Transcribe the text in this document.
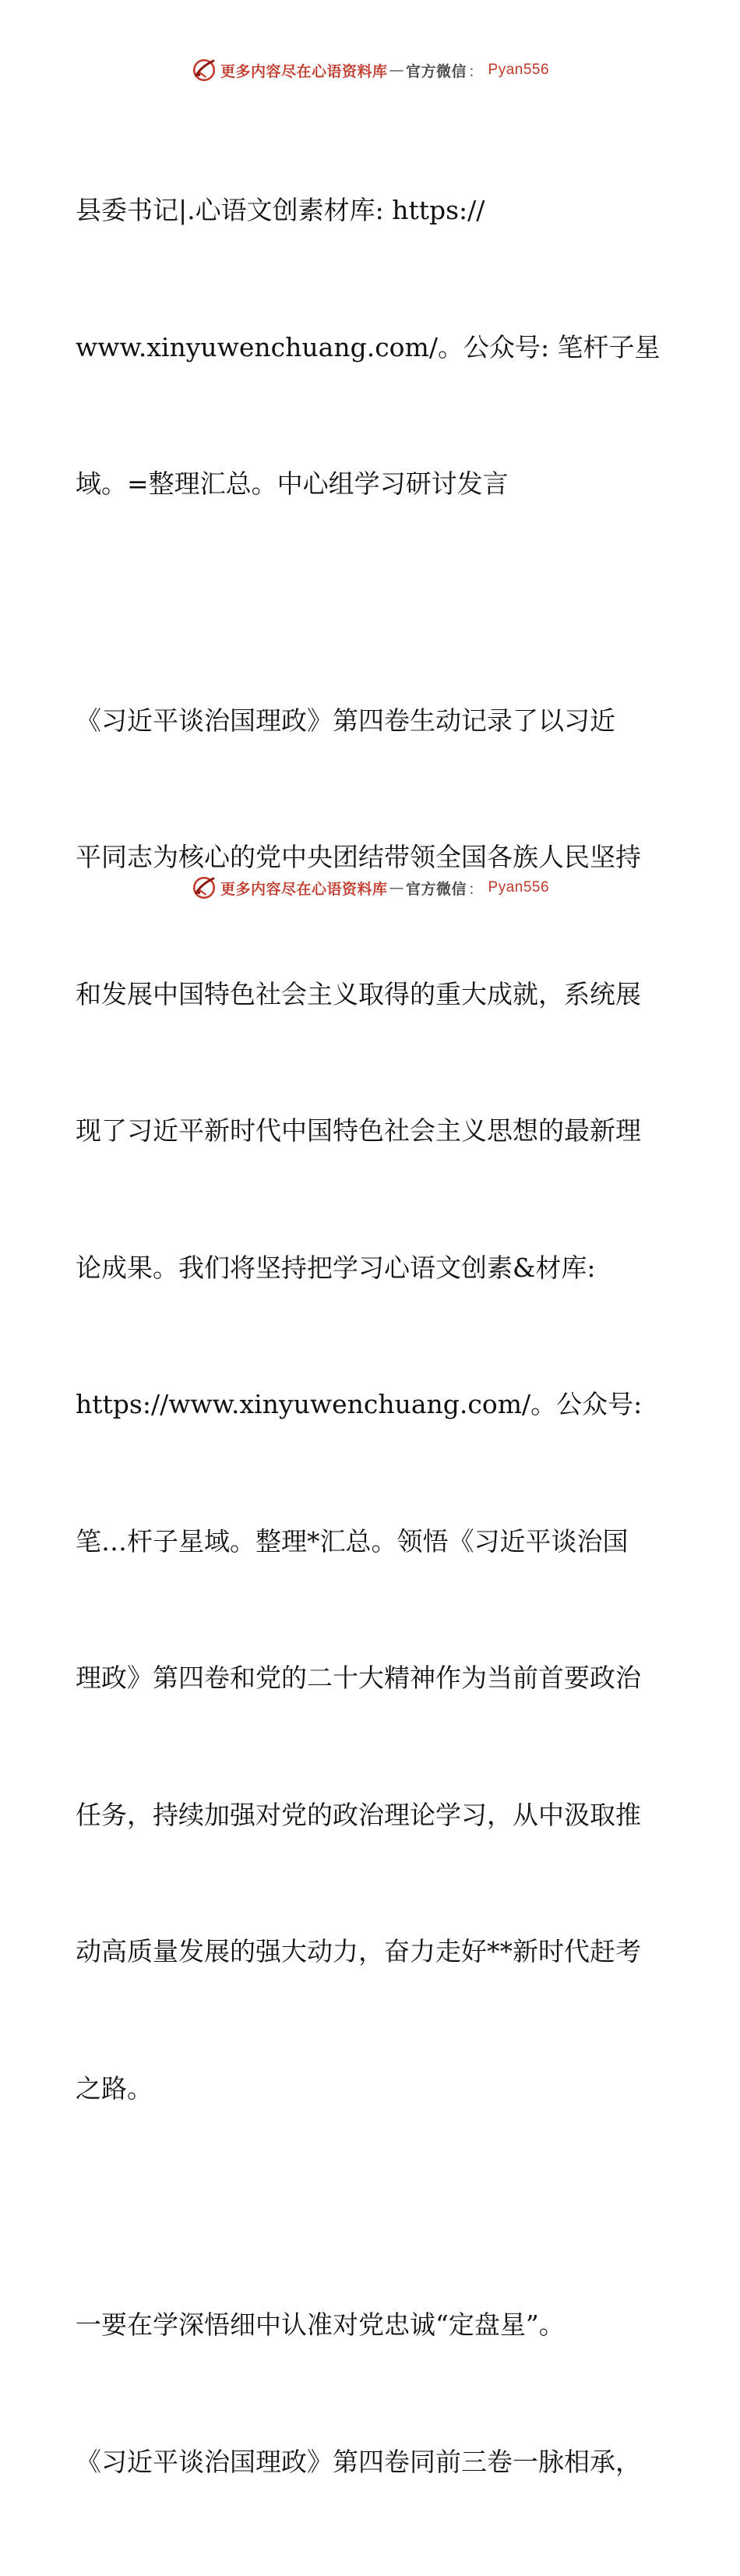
更多内容尽在心语资料库 — 官方微信 ： Pyan556

县委书记|.心语文创素材库: https://

www.xinyuwenchuang.com/。公众号: 笔杆子星

域。=整理汇总。中心组学习研讨发言

《习近平谈治国理政》第四卷生动记录了以习近

平同志为核心的党中央团结带领全国各族人民坚持

和发展中国特色社会主义取得的重大成就，系统展

现了习近平新时代中国特色社会主义思想的最新理

论成果。我们将坚持把学习心语文创素&材库:

https://www.xinyuwenchuang.com/。公众号:

笔…杆子星域。整理*汇总。领悟《习近平谈治国

理政》第四卷和党的二十大精神作为当前首要政治

任务，持续加强对党的政治理论学习，从中汲取推

动高质量发展的强大动力，奋力走好**新时代赶考

之路。

一要在学深悟细中认准对党忠诚“定盘星”。

《习近平谈治国理政》第四卷同前三卷一脉相承，

更多内容尽在心语资料库 — 官方微信 ： Pyan556
